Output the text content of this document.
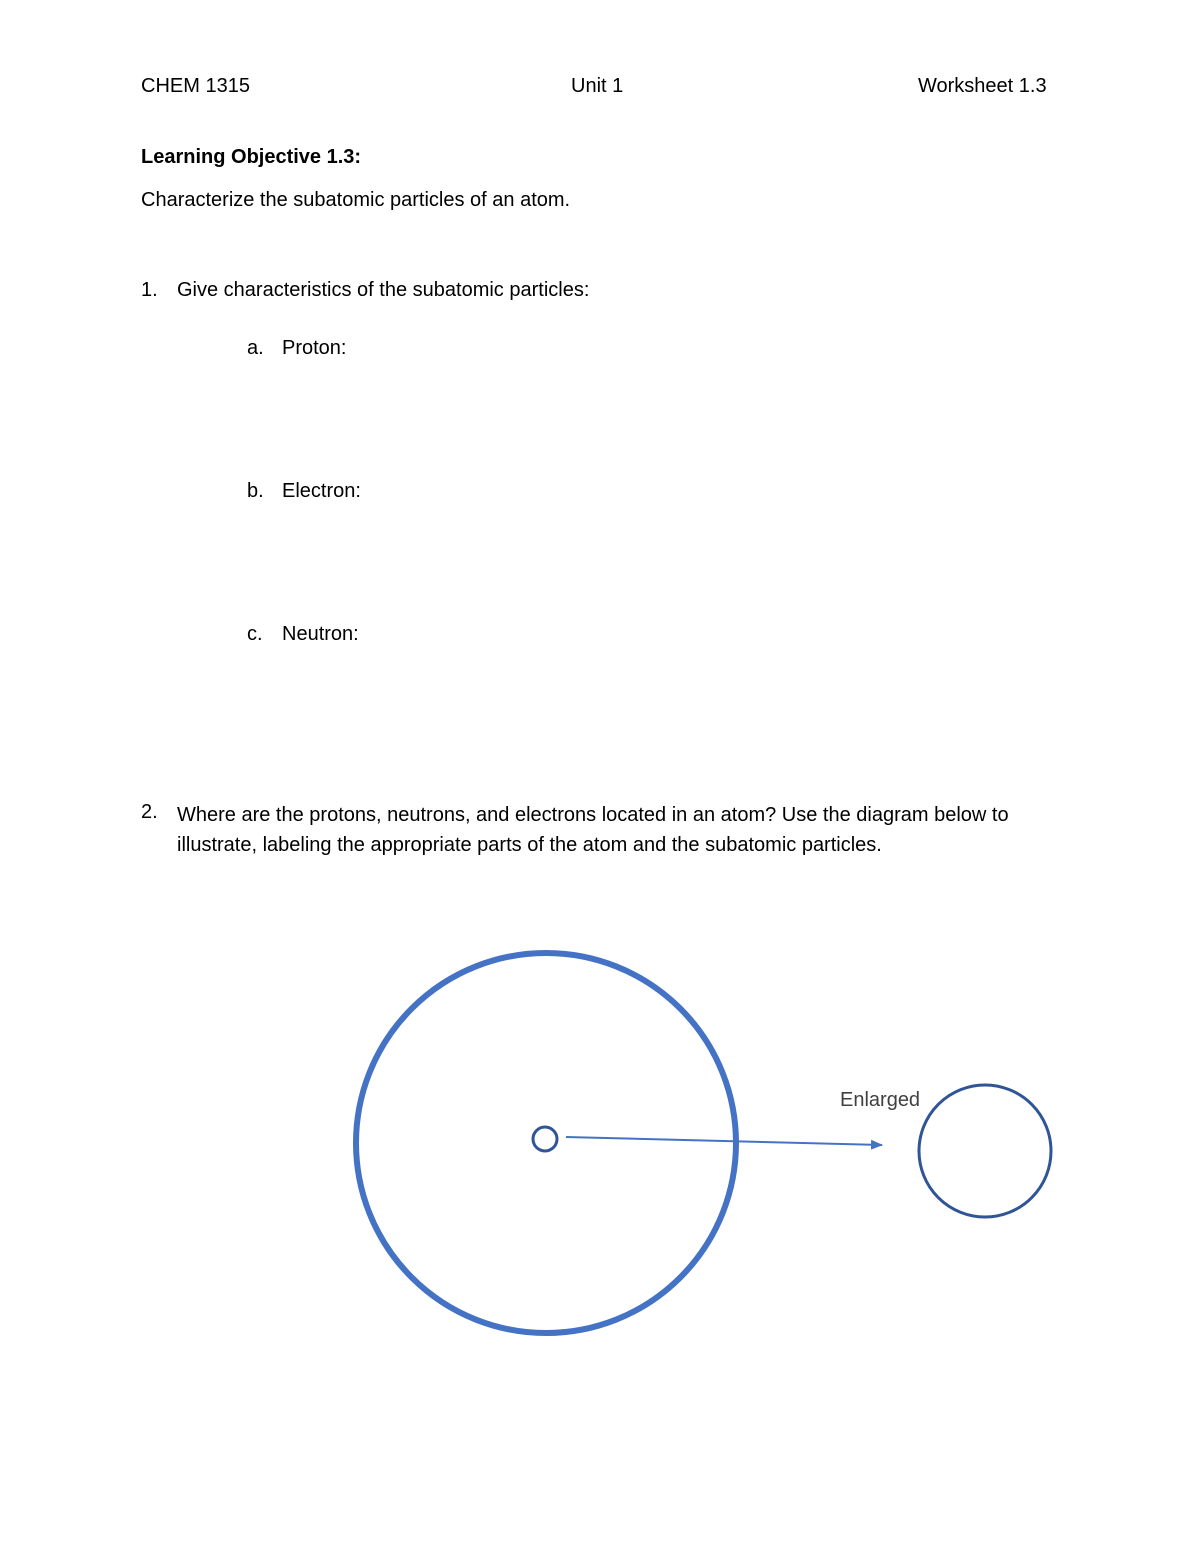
CHEM 1315	Unit 1	Worksheet 1.3
Learning Objective 1.3:
Characterize the subatomic particles of an atom.
1. Give characteristics of the subatomic particles:
a. Proton:
b. Electron:
c. Neutron:
2. Where are the protons, neutrons, and electrons located in an atom? Use the diagram below to illustrate, labeling the appropriate parts of the atom and the subatomic particles.
Enlarged
